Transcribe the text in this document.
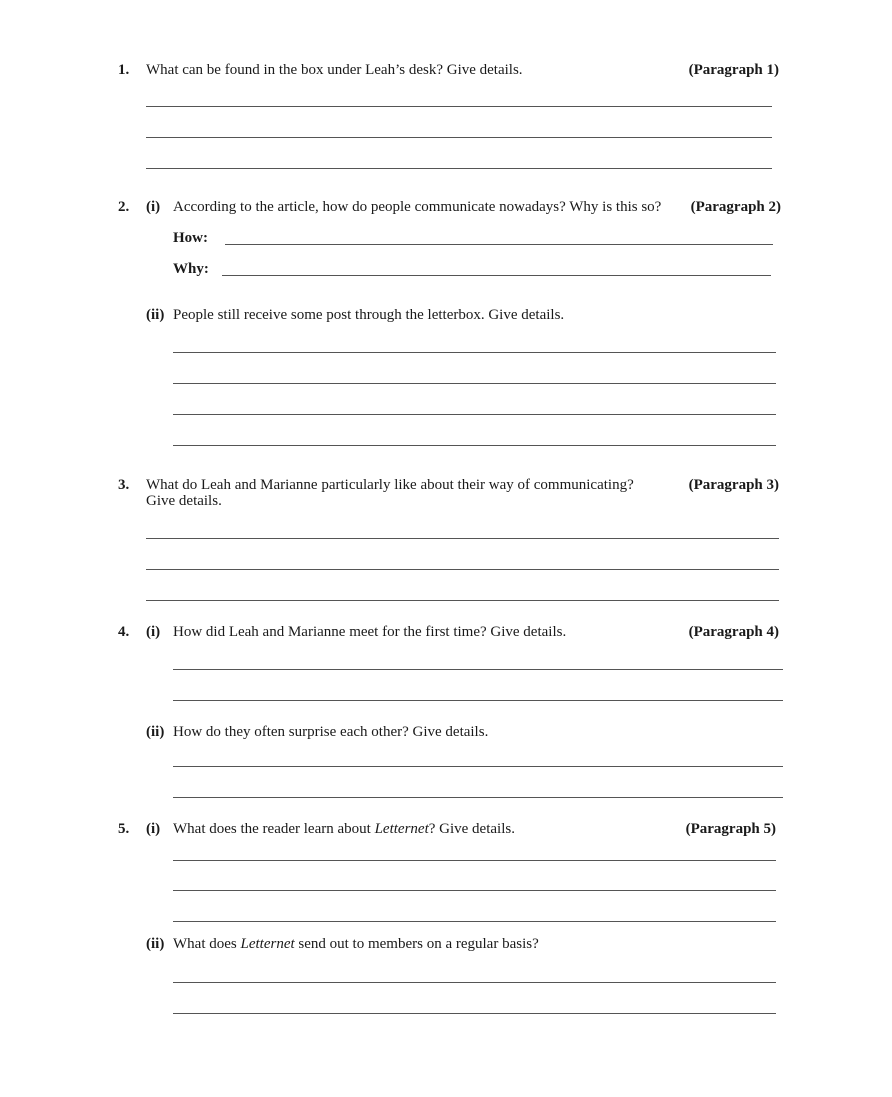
1. What can be found in the box under Leah’s desk? Give details.	(Paragraph 1)
2. (i) According to the article, how do people communicate nowadays? Why is this so?	(Paragraph 2)
How:
Why:
(ii) People still receive some post through the letterbox. Give details.
3. What do Leah and Marianne particularly like about their way of communicating?
Give details.
(Paragraph 3)
4. (i) How did Leah and Marianne meet for the first time? Give details.	(Paragraph 4)
(ii) How do they often surprise each other? Give details.
5. (i) What does the reader learn about Letternet? Give details.	(Paragraph 5)
(ii) What does Letternet send out to members on a regular basis?
